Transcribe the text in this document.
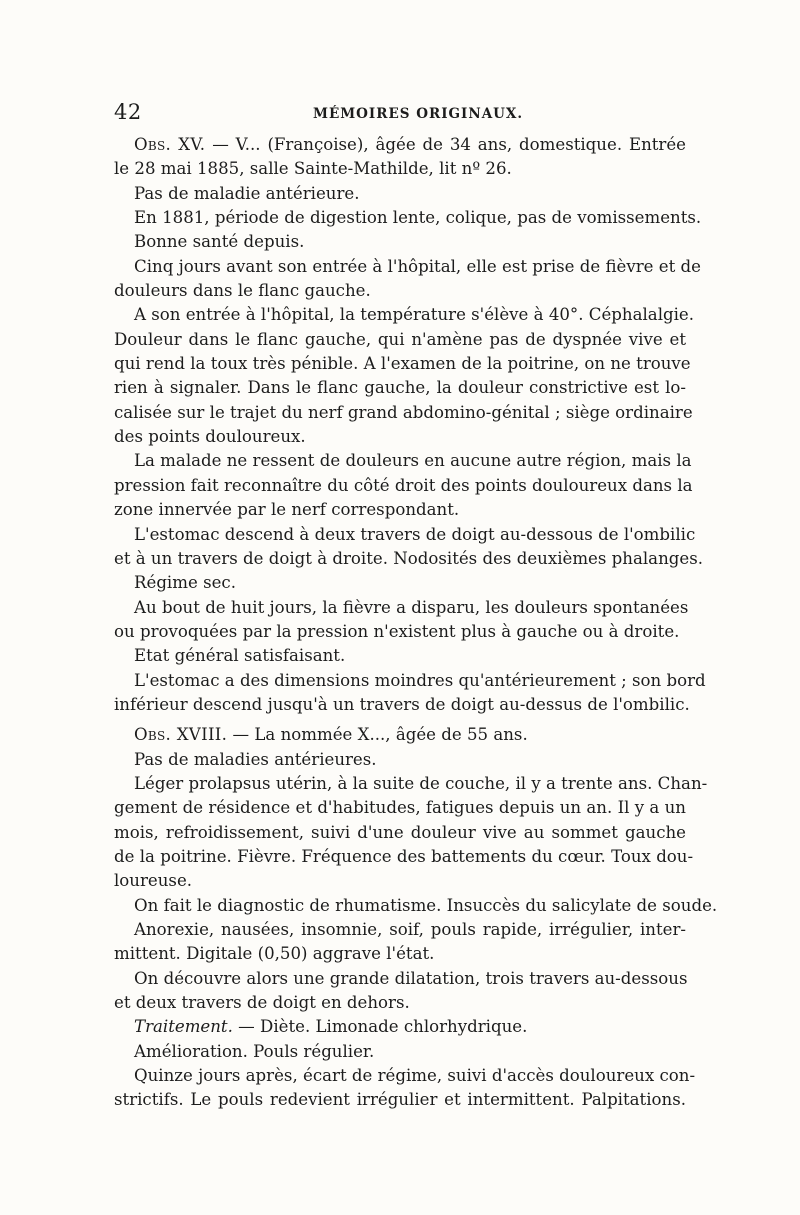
42	MÉMOIRES ORIGINAUX.
Obs. XV. — V... (Françoise), âgée de 34 ans, domestique. Entrée
le 28 mai 1885, salle Sainte-Mathilde, lit nº 26.
Pas de maladie antérieure.
En 1881, période de digestion lente, colique, pas de vomissements.
Bonne santé depuis.
Cinq jours avant son entrée à l'hôpital, elle est prise de fièvre et de
douleurs dans le flanc gauche.
A son entrée à l'hôpital, la température s'élève à 40°. Céphalalgie.
Douleur dans le flanc gauche, qui n'amène pas de dyspnée vive et
qui rend la toux très pénible. A l'examen de la poitrine, on ne trouve
rien à signaler. Dans le flanc gauche, la douleur constrictive est lo-
calisée sur le trajet du nerf grand abdomino-génital ; siège ordinaire
des points douloureux.
La malade ne ressent de douleurs en aucune autre région, mais la
pression fait reconnaître du côté droit des points douloureux dans la
zone innervée par le nerf correspondant.
L'estomac descend à deux travers de doigt au-dessous de l'ombilic
et à un travers de doigt à droite. Nodosités des deuxièmes phalanges.
Régime sec.
Au bout de huit jours, la fièvre a disparu, les douleurs spontanées
ou provoquées par la pression n'existent plus à gauche ou à droite.
Etat général satisfaisant.
L'estomac a des dimensions moindres qu'antérieurement ; son bord
inférieur descend jusqu'à un travers de doigt au-dessus de l'ombilic.
Obs. XVIII. — La nommée X..., âgée de 55 ans.
Pas de maladies antérieures.
Léger prolapsus utérin, à la suite de couche, il y a trente ans. Chan-
gement de résidence et d'habitudes, fatigues depuis un an. Il y a un
mois, refroidissement, suivi d'une douleur vive au sommet gauche
de la poitrine. Fièvre. Fréquence des battements du cœur. Toux dou-
loureuse.
On fait le diagnostic de rhumatisme. Insuccès du salicylate de soude.
Anorexie, nausées, insomnie, soif, pouls rapide, irrégulier, inter-
mittent. Digitale (0,50) aggrave l'état.
On découvre alors une grande dilatation, trois travers au-dessous
et deux travers de doigt en dehors.
Traitement. — Diète. Limonade chlorhydrique.
Amélioration. Pouls régulier.
Quinze jours après, écart de régime, suivi d'accès douloureux con-
strictifs. Le pouls redevient irrégulier et intermittent. Palpitations.
